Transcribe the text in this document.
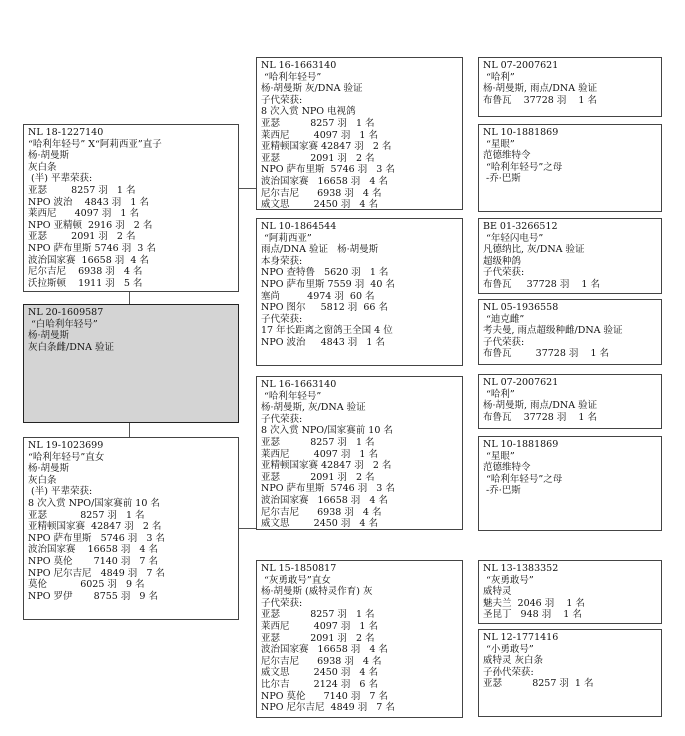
NL 18-1227140
“哈利年轻号” X“阿莉西亚”直子
杨·胡曼斯
灰白条
(半) 平辈荣获:
亚瑟        8257 羽   1 名
NPO 波治    4843 羽   1 名
莱西尼      4097 羽   1 名
NPO 亚精顿  2916 羽   2 名
亚瑟        2091 羽   2 名
NPO 萨布里斯 5746 羽  3 名
波治国家赛  16658 羽  4 名
尼尔吉尼    6938 羽   4 名
沃拉斯顿    1911 羽   5 名
NL 20-1609587
“白哈利年轻号”
杨·胡曼斯
灰白条雌/DNA 验证
NL 19-1023699
“哈利年轻号”直女
杨·胡曼斯
灰白条
(半) 平辈荣获:
8 次入赏 NPO/国家赛前 10 名
亚瑟           8257 羽   1 名
亚精顿国家赛  42847 羽   2 名
NPO 萨布里斯   5746 羽   3 名
波治国家赛    16658 羽   4 名
NPO 莫伦       7140 羽   7 名
NPO 尼尔吉尼   4849 羽   7 名
莫伦           6025 羽   9 名
NPO 罗伊       8755 羽   9 名
NL 16-1663140
“哈利年轻号”
杨·胡曼斯 灰/DNA 验证
子代荣获:
8 次入赏 NPO 电视鸽
亚瑟          8257 羽   1 名
莱西尼        4097 羽   1 名
亚精顿国家赛 42847 羽   2 名
亚瑟          2091 羽   2 名
NPO 萨布里斯  5746 羽   3 名
波治国家赛   16658 羽   4 名
尼尔吉尼      6938 羽   4 名
威文思        2450 羽   4 名
NL 10-1864544
“阿莉西亚”
雨点/DNA 验证   杨·胡曼斯
本身荣获:
NPO 查特鲁   5620 羽   1 名
NPO 萨布里斯 7559 羽  40 名
塞尚         4974 羽  60 名
NPO 图尔     5812 羽  66 名
子代荣获:
17 年长距离之窗鸽王全国 4 位
NPO 波治     4843 羽   1 名
NL 16-1663140
“哈利年轻号”
杨·胡曼斯, 灰/DNA 验证
子代荣获:
8 次入赏 NPO/国家赛前 10 名
亚瑟          8257 羽   1 名
莱西尼        4097 羽   1 名
亚精顿国家赛 42847 羽   2 名
亚瑟          2091 羽   2 名
NPO 萨布里斯  5746 羽   3 名
波治国家赛   16658 羽   4 名
尼尔吉尼      6938 羽   4 名
威文思        2450 羽   4 名
NL 15-1850817
“灰勇敢号”直女
杨·胡曼斯 (威特灵作育) 灰
子代荣获:
亚瑟          8257 羽   1 名
莱西尼        4097 羽   1 名
亚瑟          2091 羽   2 名
波治国家赛   16658 羽   4 名
尼尔吉尼      6938 羽   4 名
威文思        2450 羽   4 名
比尔吉        2124 羽   6 名
NPO 莫伦      7140 羽   7 名
NPO 尼尔吉尼  4849 羽   7 名
NL 07-2007621
“哈利”
杨·胡曼斯, 雨点/DNA 验证
布鲁瓦    37728 羽    1 名
NL 10-1881869
“星眼”
范德维特令
“哈利年轻号”之母
-乔·巴斯
BE 01-3266512
“年轻闪电号”
凡德纳比, 灰/DNA 验证
超级种鸽
子代荣获:
布鲁瓦     37728 羽    1 名
NL 05-1936558
“迪克雌”
考夫曼, 雨点超级种雌/DNA 验证
子代荣获:
布鲁瓦        37728 羽    1 名
NL 07-2007621
“哈利”
杨·胡曼斯, 雨点/DNA 验证
布鲁瓦    37728 羽    1 名
NL 10-1881869
“星眼”
范德维特令
“哈利年轻号”之母
-乔·巴斯
NL 13-1383352
“灰勇敢号”
威特灵
魅夫兰  2046 羽    1 名
圣昆丁   948 羽    1 名
NL 12-1771416
“小勇敢号”
威特灵 灰白条
子孙代荣获:
亚瑟          8257 羽  1 名
